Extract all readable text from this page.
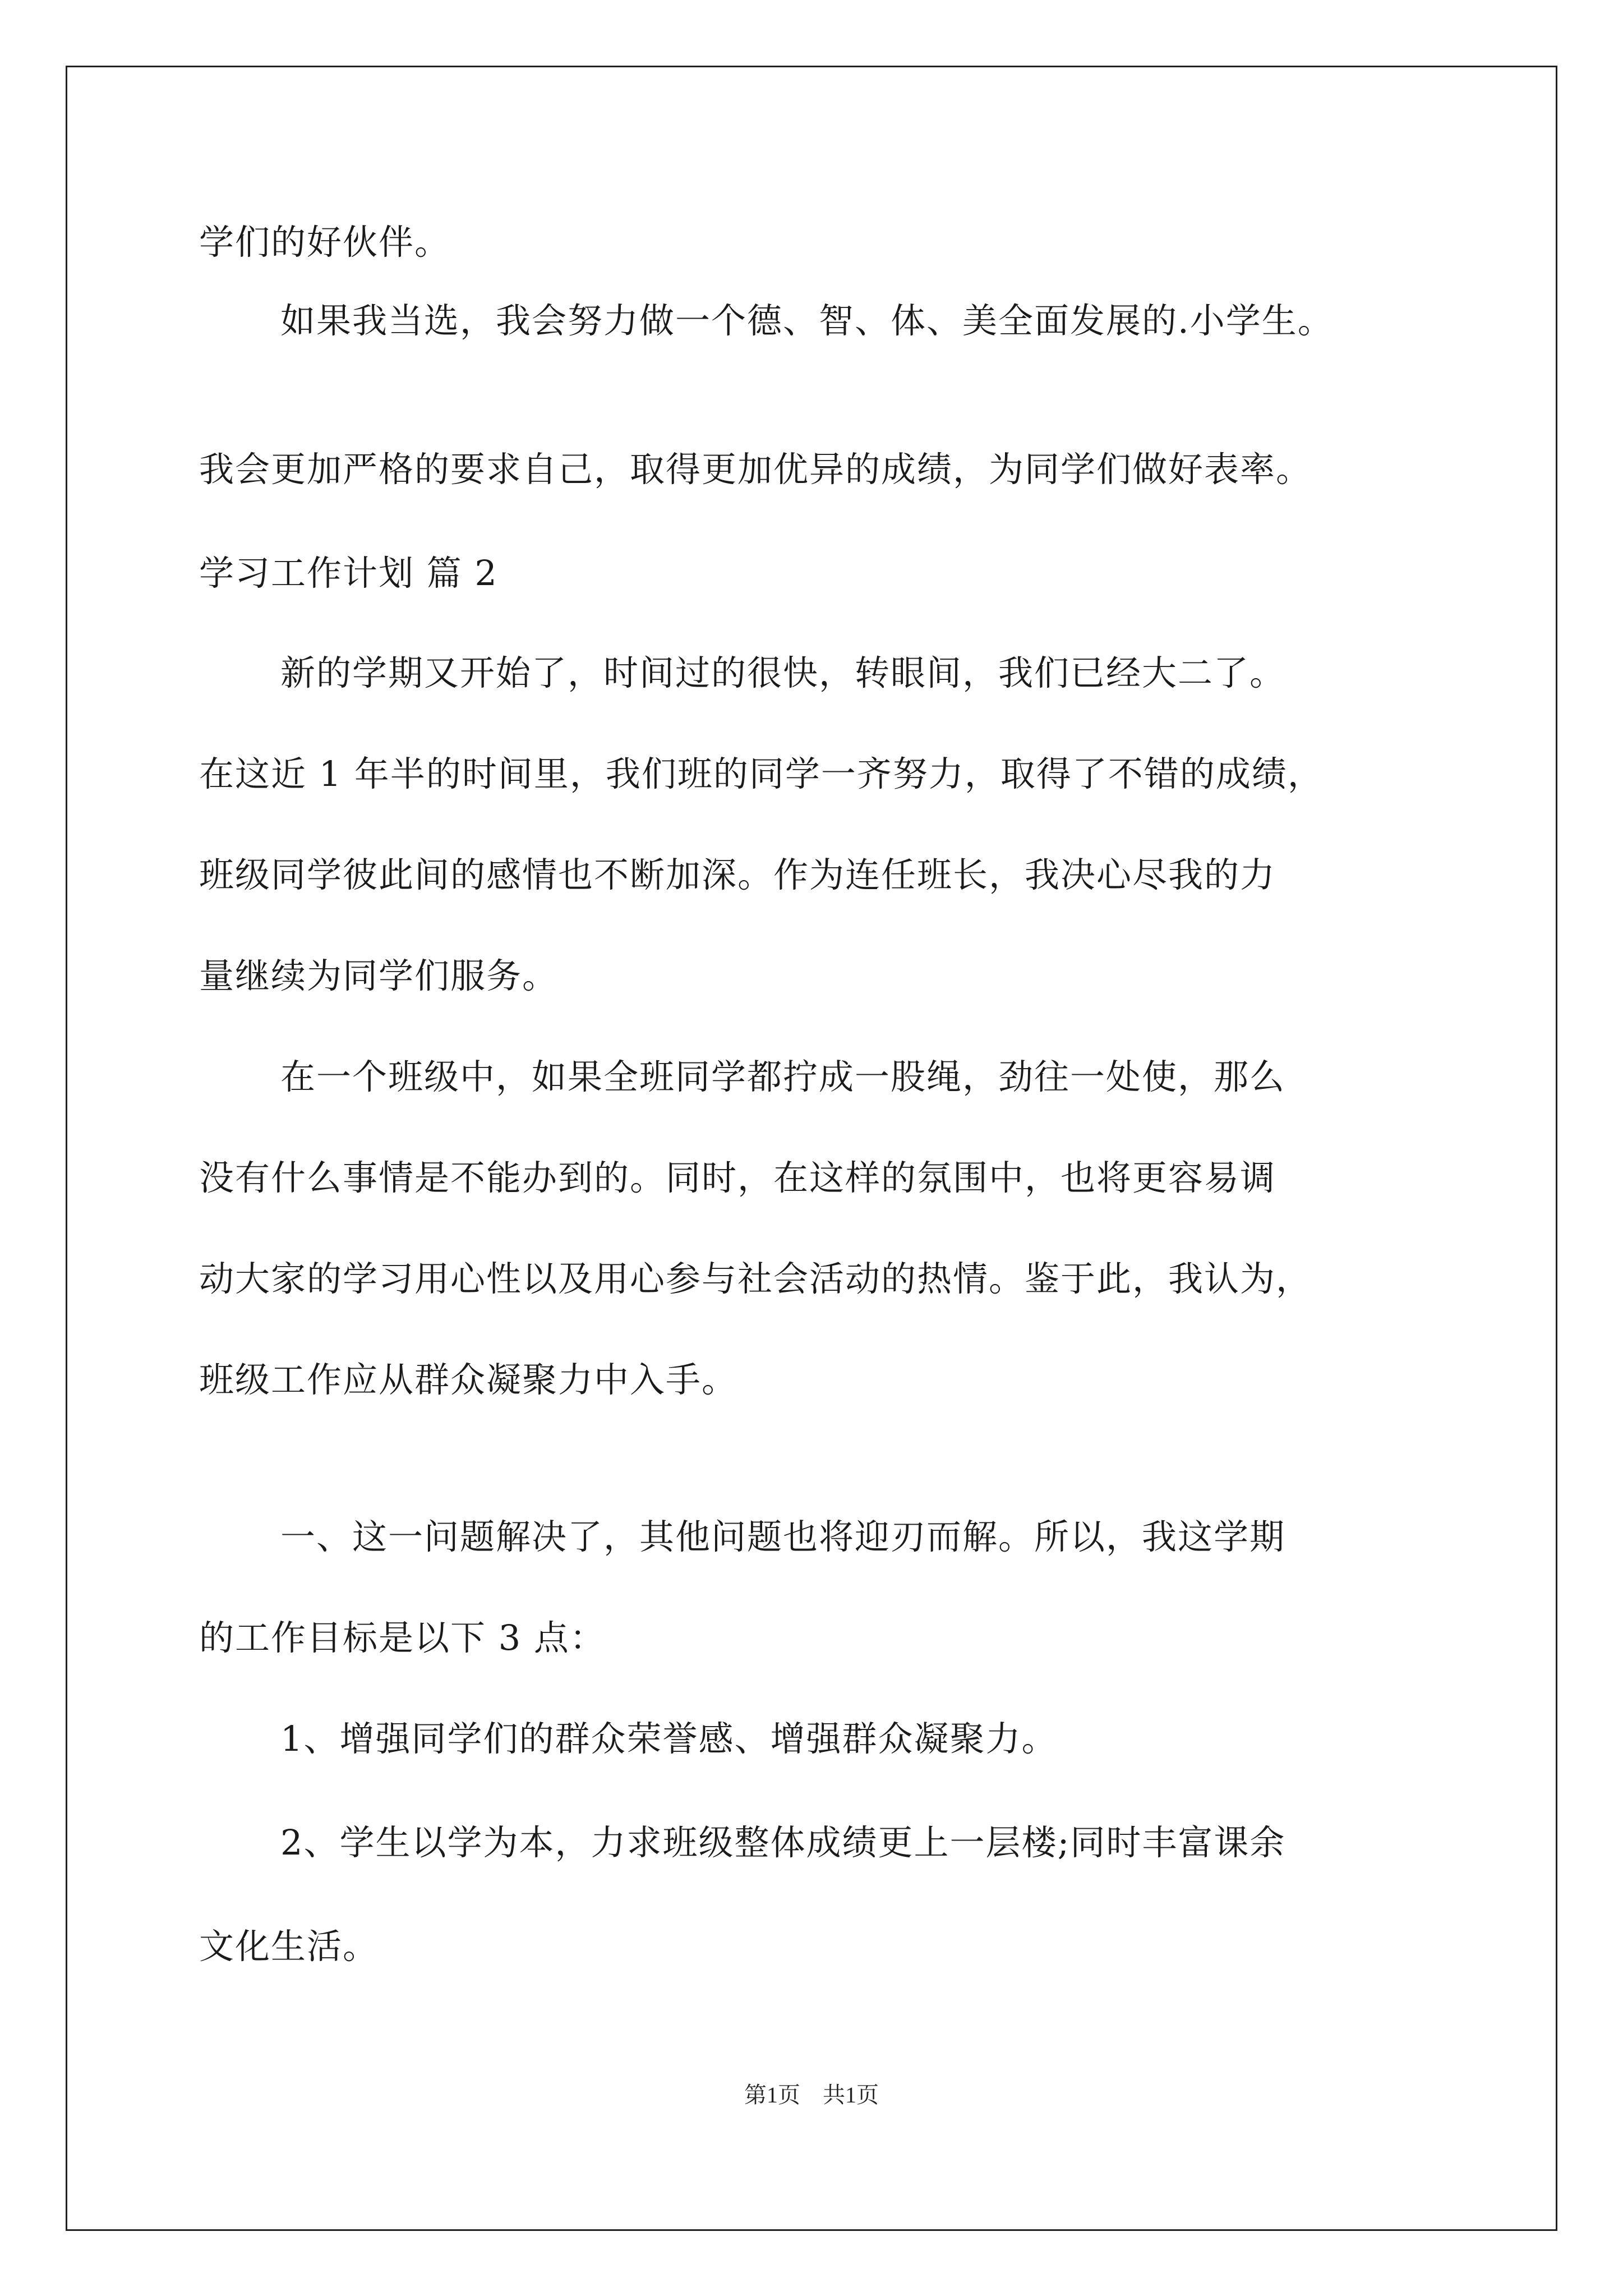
学们的好伙伴。
如果我当选，我会努力做一个德、智、体、美全面发展的.小学生。
我会更加严格的要求自己，取得更加优异的成绩，为同学们做好表率。
学习工作计划 篇 2
新的学期又开始了，时间过的很快，转眼间，我们已经大二了。
在这近 1 年半的时间里，我们班的同学一齐努力，取得了不错的成绩，
班级同学彼此间的感情也不断加深。作为连任班长，我决心尽我的力
量继续为同学们服务。
在一个班级中，如果全班同学都拧成一股绳，劲往一处使，那么
没有什么事情是不能办到的。同时，在这样的氛围中，也将更容易调
动大家的学习用心性以及用心参与社会活动的热情。鉴于此，我认为，
班级工作应从群众凝聚力中入手。
一、这一问题解决了，其他问题也将迎刃而解。所以，我这学期
的工作目标是以下 3 点：
1、增强同学们的群众荣誉感、增强群众凝聚力。
2、学生以学为本，力求班级整体成绩更上一层楼;同时丰富课余
文化生活。
第1页 共1页
